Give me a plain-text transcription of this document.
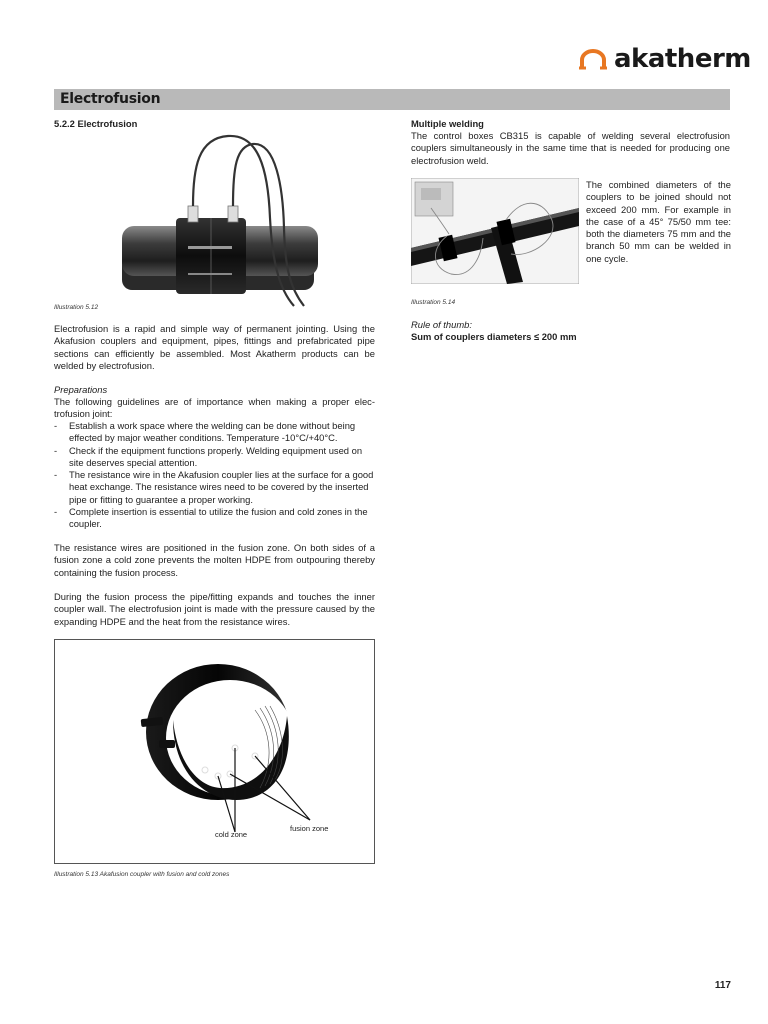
akatherm
Electrofusion
5.2.2 Electrofusion
Illustration 5.12
Electrofusion is a rapid and simple way of permanent jointing. Using the Akafusion couplers and equipment, pipes, fittings and prefabricated pipe sections can efficiently be assembled. Most Akatherm products can be welded by electrofusion.
Preparations
The following guidelines are of importance when making a proper elec-trofusion joint:
- Establish a work space where the welding can be done without being effected by major weather conditions. Temperature -10°C/+40°C.
- Check if the equipment functions properly. Welding equipment used on site deserves special attention.
- The resistance wire in the Akafusion coupler lies at the surface for a good heat exchange. The resistance wires need to be covered by the inserted pipe or fitting to guarantee a proper working.
- Complete insertion is essential to utilize the fusion and cold zones in the coupler.
The resistance wires are positioned in the fusion zone. On both sides of a fusion zone a cold zone prevents the molten HDPE from outpouring thereby containing the fusion process.
During the fusion process the pipe/fitting expands and touches the inner coupler wall. The electrofusion joint is made with the pressure caused by the expanding HDPE and the heat from the resistance wires.
fusion zone
cold zone
Illustration 5.13 Akafusion coupler with fusion and cold zones
Multiple welding
The control boxes CB315 is capable of welding several electrofusion couplers simultaneously in the same time that is needed for producing one electrofusion weld.
The combined diameters of the couplers to be joined should not exceed 200 mm. For example in the case of a 45° 75/50 mm tee: both the diameters 75 mm and the branch 50 mm can be welded in one cycle.
Illustration 5.14
Rule of thumb:
Sum of couplers diameters ≤ 200 mm
117
